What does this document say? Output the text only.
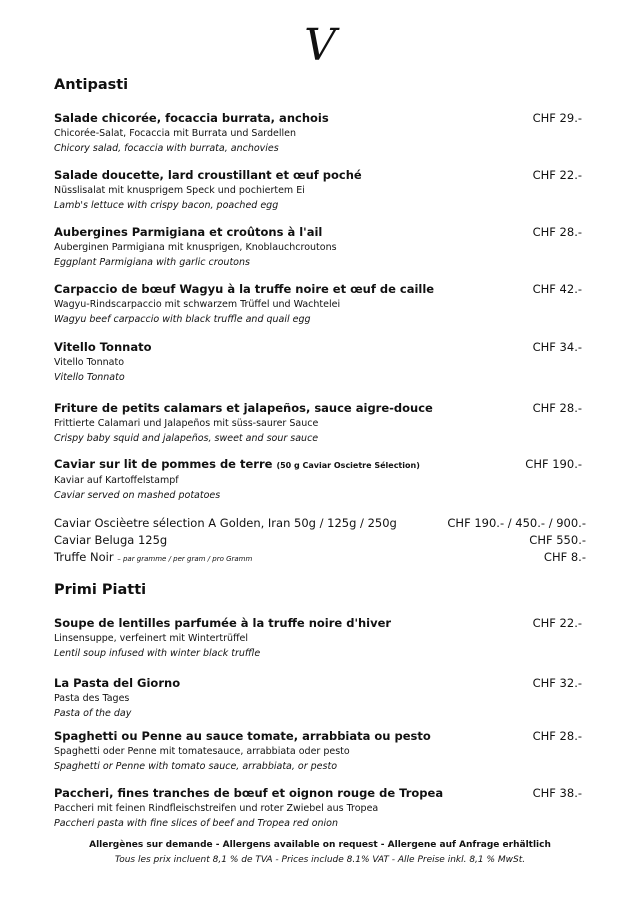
V
Antipasti
Salade chicorée, focaccia burrata, anchois
Chicorée-Salat, Focaccia mit Burrata und Sardellen
Chicory salad, focaccia with burrata, anchovies
CHF 29.-
Salade doucette, lard croustillant et œuf poché
Nüsslisalat mit knusprigem Speck und pochiertem Ei
Lamb's lettuce with crispy bacon, poached egg
CHF 22.-
Aubergines Parmigiana et croûtons à l'ail
Auberginen Parmigiana mit knusprigen, Knoblauchcroutons
Eggplant Parmigiana with garlic croutons
CHF 28.-
Carpaccio de bœuf Wagyu à la truffe noire et œuf de caille
Wagyu-Rindscarpaccio mit schwarzem Trüffel und Wachtelei
Wagyu beef carpaccio with black truffle and quail egg
CHF 42.-
Vitello Tonnato
Vitello Tonnato
Vitello Tonnato
CHF 34.-
Friture de petits calamars et jalapeños, sauce aigre-douce
Frittierte Calamari und Jalapeños mit süss-saurer Sauce
Crispy baby squid and jalapeños, sweet and sour sauce
CHF 28.-
Caviar sur lit de pommes de terre (50 g Caviar Oscietre Sélection)
Kaviar auf Kartoffelstampf
Caviar served on mashed potatoes
CHF 190.-
Caviar Oscièetre sélection A Golden, Iran 50g / 125g / 250g	CHF 190.- / 450.- / 900.-
Caviar Beluga 125g	CHF 550.-
Truffe Noir – par gramme / per gram / pro Gramm	CHF 8.-
Primi Piatti
Soupe de lentilles parfumée à la truffe noire d'hiver
Linsensuppe, verfeinert mit Wintertrüffel
Lentil soup infused with winter black truffle
CHF 22.-
La Pasta del Giorno
Pasta des Tages
Pasta of the day
CHF 32.-
Spaghetti ou Penne au sauce tomate, arrabbiata ou pesto
Spaghetti oder Penne mit tomatesauce, arrabbiata oder pesto
Spaghetti or Penne with tomato sauce, arrabbiata, or pesto
CHF 28.-
Paccheri, fines tranches de bœuf et oignon rouge de Tropea
Paccheri mit feinen Rindfleischstreifen und roter Zwiebel aus Tropea
Paccheri pasta with fine slices of beef and Tropea red onion
CHF 38.-
Allergènes sur demande - Allergens available on request - Allergene auf Anfrage erhältlich
Tous les prix incluent 8,1 % de TVA - Prices include 8.1% VAT - Alle Preise inkl. 8,1 % MwSt.
